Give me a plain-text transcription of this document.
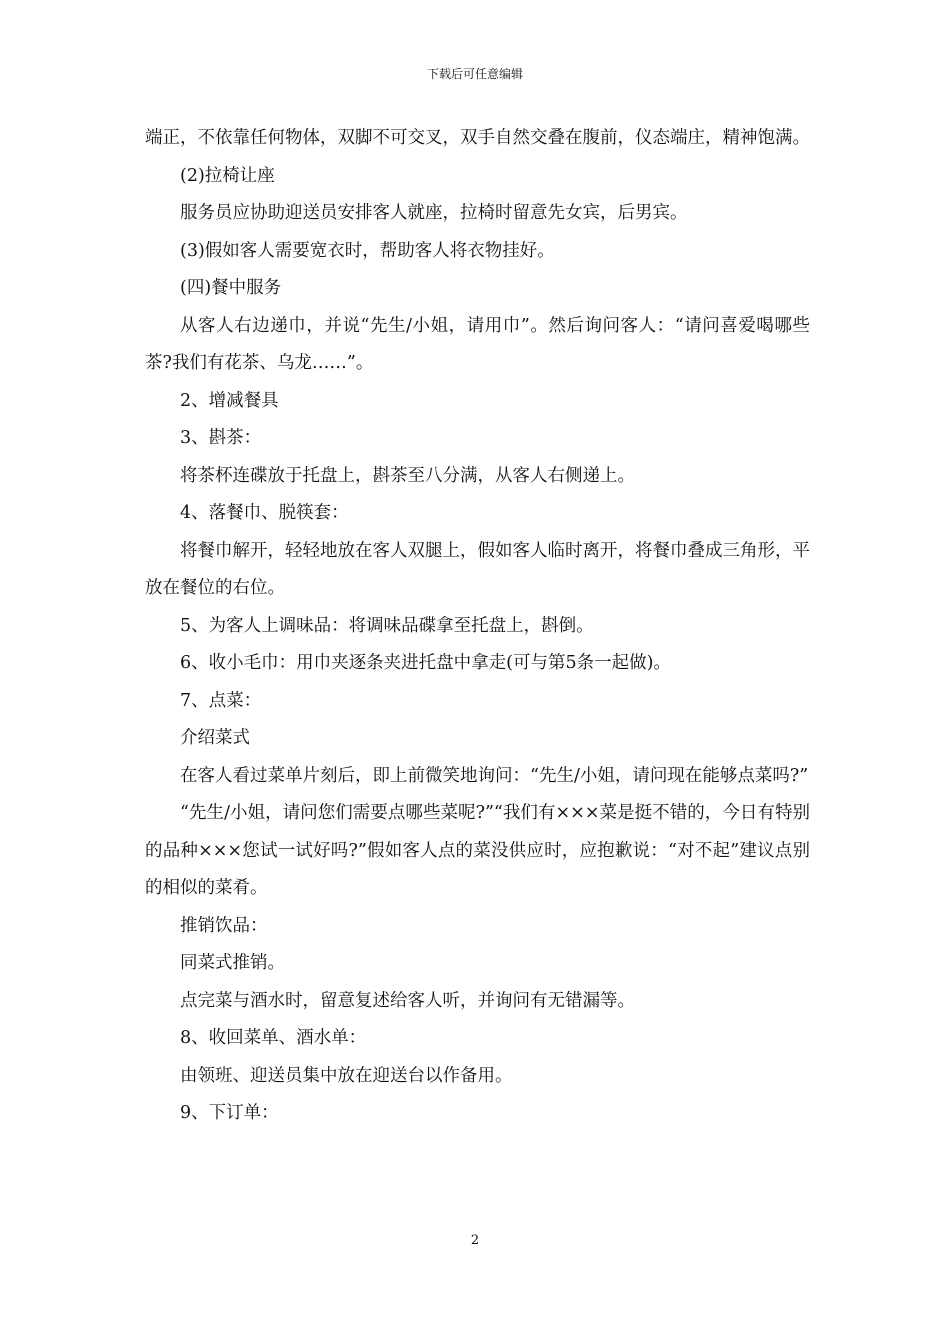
下载后可任意编辑

端正，不依靠任何物体，双脚不可交叉，双手自然交叠在腹前，仪态端庄，精神饱满。

(2)拉椅让座

服务员应协助迎送员安排客人就座，拉椅时留意先女宾，后男宾。

(3)假如客人需要宽衣时，帮助客人将衣物挂好。

(四)餐中服务

从客人右边递巾，并说“先生/小姐，请用巾”。然后询问客人：“请问喜爱喝哪些茶?我们有花茶、乌龙……”。

2、增减餐具

3、斟茶：

将茶杯连碟放于托盘上，斟茶至八分满，从客人右侧递上。

4、落餐巾、脱筷套：

将餐巾解开，轻轻地放在客人双腿上，假如客人临时离开，将餐巾叠成三角形，平放在餐位的右位。

5、为客人上调味品：将调味品碟拿至托盘上，斟倒。

6、收小毛巾：用巾夹逐条夹进托盘中拿走(可与第5条一起做)。

7、点菜：

介绍菜式

在客人看过菜单片刻后，即上前微笑地询问：“先生/小姐，请问现在能够点菜吗?”

“先生/小姐，请问您们需要点哪些菜呢?”“我们有×××菜是挺不错的，今日有特别的品种×××您试一试好吗?”假如客人点的菜没供应时，应抱歉说：“对不起”建议点别的相似的菜肴。

推销饮品：

同菜式推销。

点完菜与酒水时，留意复述给客人听，并询问有无错漏等。

8、收回菜单、酒水单：

由领班、迎送员集中放在迎送台以作备用。

9、下订单：

2
